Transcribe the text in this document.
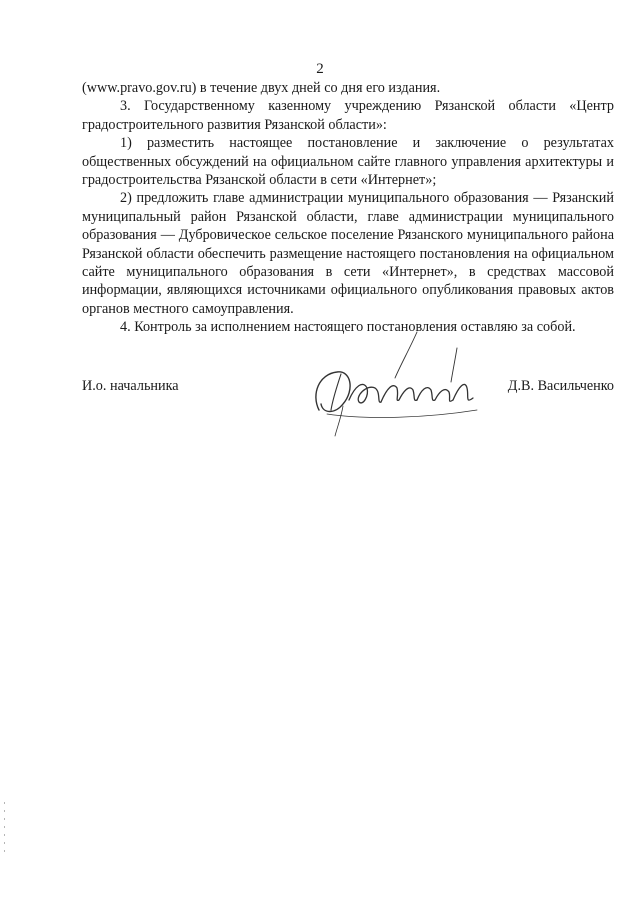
2

(www.pravo.gov.ru) в течение двух дней со дня его издания.

3. Государственному казенному учреждению Рязанской области «Центр градостроительного развития Рязанской области»:

1) разместить настоящее постановление и заключение о результатах общественных обсуждений на официальном сайте главного управления архитектуры и градостроительства Рязанской области в сети «Интернет»;

2) предложить главе администрации муниципального образования — Рязанский муниципальный район Рязанской области, главе администрации муниципального образования — Дубровическое сельское поселение Рязанского муниципального района Рязанской области обеспечить размещение настоящего постановления на официальном сайте муниципального образования в сети «Интернет», в средствах массовой информации, являющихся источниками официального опубликования правовых актов органов местного самоуправления.

4. Контроль за исполнением настоящего постановления оставляю за собой.

И.о. начальника	Д.В. Васильченко
